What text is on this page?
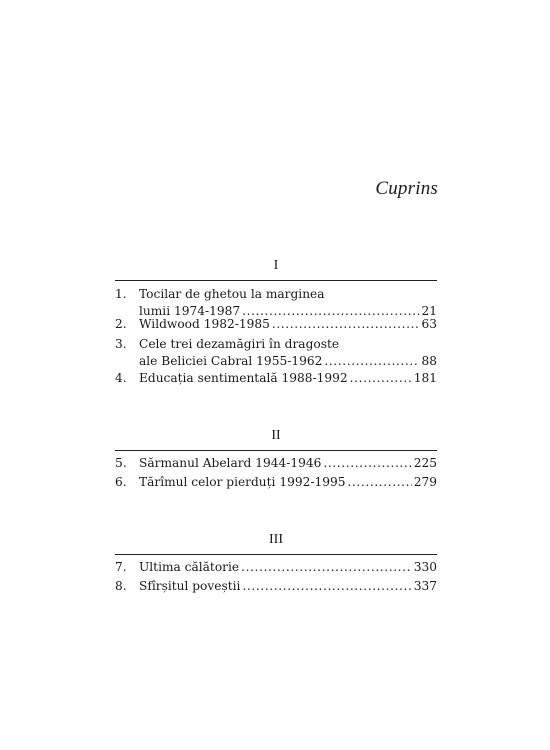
Cuprins
I
1. Tocilar de ghetou la marginea
lumii 1974-1987 .....	21
2. Wildwood 1982-1985 .....	63
3. Cele trei dezamăgiri în dragoste
ale Beliciei Cabral 1955-1962 .....	88
4. Educația sentimentală 1988-1992 .....	181
II
5. Sărmanul Abelard 1944-1946 .....	225
6. Tărîmul celor pierduți 1992-1995 .....	279
III
7. Ultima călătorie .....	330
8. Sfîrșitul poveștii .....	337
